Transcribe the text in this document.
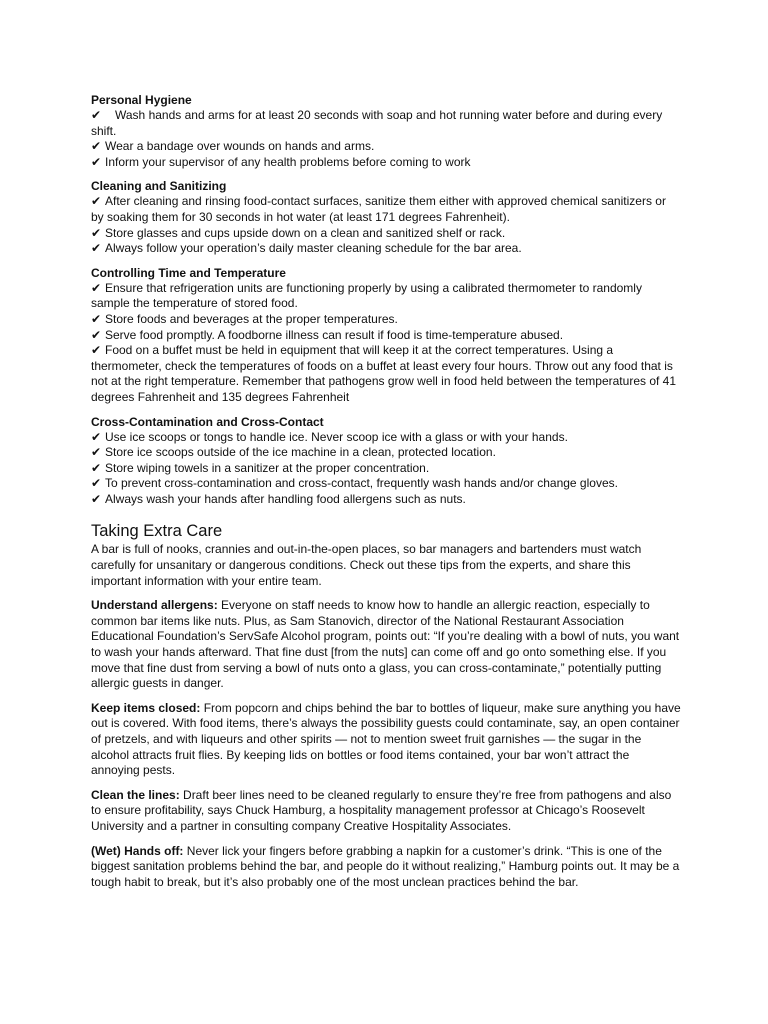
Personal Hygiene

✔ Wash hands and arms for at least 20 seconds with soap and hot running water before and during every shift.

✔ Wear a bandage over wounds on hands and arms.

✔ Inform your supervisor of any health problems before coming to work

Cleaning and Sanitizing

✔ After cleaning and rinsing food-contact surfaces, sanitize them either with approved chemical sanitizers or by soaking them for 30 seconds in hot water (at least 171 degrees Fahrenheit).

✔ Store glasses and cups upside down on a clean and sanitized shelf or rack.

✔ Always follow your operation’s daily master cleaning schedule for the bar area.

Controlling Time and Temperature

✔ Ensure that refrigeration units are functioning properly by using a calibrated thermometer to randomly sample the temperature of stored food.

✔ Store foods and beverages at the proper temperatures.

✔ Serve food promptly. A foodborne illness can result if food is time-temperature abused.

✔ Food on a buffet must be held in equipment that will keep it at the correct temperatures. Using a thermometer, check the temperatures of foods on a buffet at least every four hours. Throw out any food that is not at the right temperature. Remember that pathogens grow well in food held between the temperatures of 41 degrees Fahrenheit and 135 degrees Fahrenheit

Cross-Contamination and Cross-Contact

✔ Use ice scoops or tongs to handle ice. Never scoop ice with a glass or with your hands.

✔ Store ice scoops outside of the ice machine in a clean, protected location.

✔ Store wiping towels in a sanitizer at the proper concentration.

✔ To prevent cross-contamination and cross-contact, frequently wash hands and/or change gloves.

✔ Always wash your hands after handling food allergens such as nuts.

Taking Extra Care

A bar is full of nooks, crannies and out-in-the-open places, so bar managers and bartenders must watch carefully for unsanitary or dangerous conditions. Check out these tips from the experts, and share this important information with your entire team.

Understand allergens: Everyone on staff needs to know how to handle an allergic reaction, especially to common bar items like nuts. Plus, as Sam Stanovich, director of the National Restaurant Association Educational Foundation’s ServSafe Alcohol program, points out: “If you’re dealing with a bowl of nuts, you want to wash your hands afterward. That fine dust [from the nuts] can come off and go onto something else. If you move that fine dust from serving a bowl of nuts onto a glass, you can cross-contaminate,” potentially putting allergic guests in danger.

Keep items closed: From popcorn and chips behind the bar to bottles of liqueur, make sure anything you have out is covered. With food items, there’s always the possibility guests could contaminate, say, an open container of pretzels, and with liqueurs and other spirits — not to mention sweet fruit garnishes — the sugar in the alcohol attracts fruit flies. By keeping lids on bottles or food items contained, your bar won’t attract the annoying pests.

Clean the lines: Draft beer lines need to be cleaned regularly to ensure they’re free from pathogens and also to ensure profitability, says Chuck Hamburg, a hospitality management professor at Chicago’s Roosevelt University and a partner in consulting company Creative Hospitality Associates.

(Wet) Hands off: Never lick your fingers before grabbing a napkin for a customer’s drink. “This is one of the biggest sanitation problems behind the bar, and people do it without realizing,” Hamburg points out. It may be a tough habit to break, but it’s also probably one of the most unclean practices behind the bar.
